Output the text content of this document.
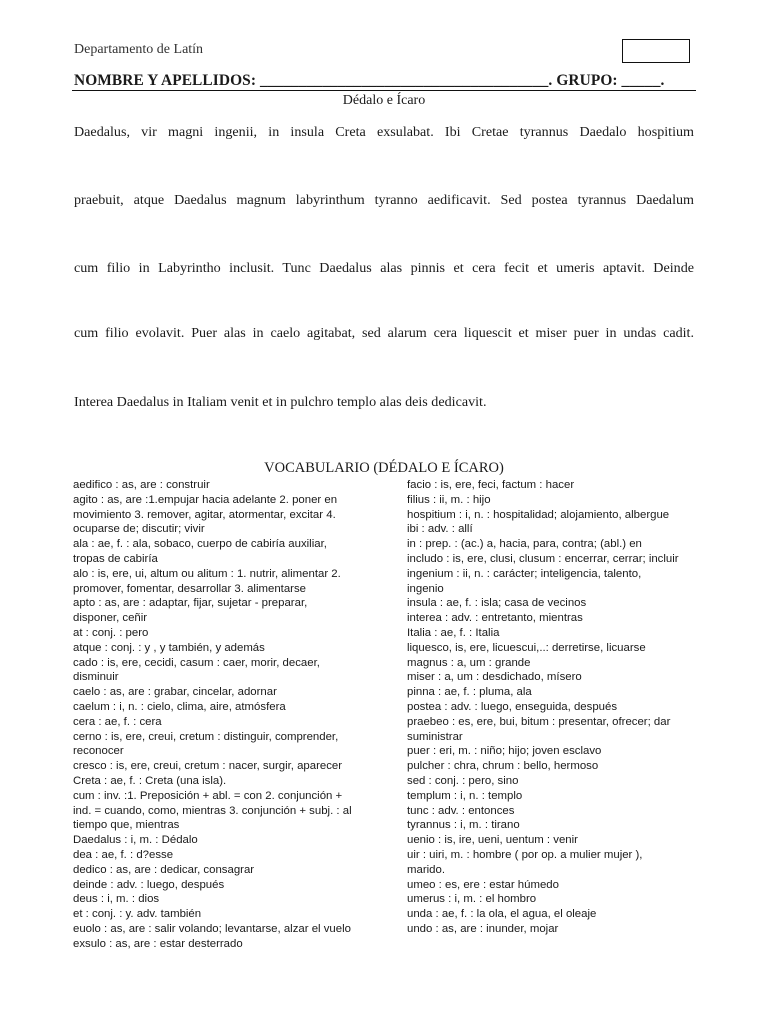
Departamento de Latín
NOMBRE Y APELLIDOS: _____________________________________. GRUPO: _____.
Dédalo e Ícaro
Daedalus, vir magni ingenii, in insula Creta exsulabat. Ibi Cretae tyrannus Daedalo hospitium
praebuit, atque Daedalus magnum labyrinthum tyranno aedificavit. Sed postea tyrannus Daedalum
cum filio in Labyrintho inclusit. Tunc Daedalus alas pinnis et cera fecit et umeris aptavit. Deinde
cum filio evolavit. Puer alas in caelo agitabat, sed alarum cera liquescit et miser puer in undas cadit.
Interea Daedalus in Italiam venit et in pulchro templo alas deis dedicavit.
VOCABULARIO (DÉDALO E ÍCARO)
aedifico : as, are : construir
agito : as, are :1.empujar hacia adelante 2. poner en
movimiento 3. remover, agitar, atormentar, excitar 4.
ocuparse de; discutir; vivir
ala : ae, f. : ala, sobaco, cuerpo de cabiría auxiliar,
tropas de cabiría
alo : is, ere, ui, altum ou alitum : 1. nutrir, alimentar 2.
promover, fomentar, desarrollar 3. alimentarse
apto : as, are : adaptar, fijar, sujetar - preparar,
disponer, ceñir
at : conj. : pero
atque : conj. : y , y también, y además
cado : is, ere, cecidi, casum : caer, morir, decaer,
disminuir
caelo : as, are : grabar, cincelar, adornar
caelum : i, n. : cielo, clima, aire, atmósfera
cera : ae, f. : cera
cerno : is, ere, creui, cretum : distinguir, comprender,
reconocer
cresco : is, ere, creui, cretum : nacer, surgir, aparecer
Creta : ae, f. : Creta (una isla).
cum : inv. :1. Preposición + abl. = con 2. conjunción +
ind. = cuando, como, mientras 3. conjunción + subj. : al
tiempo que, mientras
Daedalus : i, m. : Dédalo
dea : ae, f. : d?esse
dedico : as, are : dedicar, consagrar
deinde : adv. : luego, después
deus : i, m. : dios
et : conj. : y. adv. también
euolo : as, are : salir volando; levantarse, alzar el vuelo
exsulo : as, are : estar desterrado
facio : is, ere, feci, factum : hacer
filius : ii, m. : hijo
hospitium : i, n. : hospitalidad; alojamiento, albergue
ibi : adv. : allí
in : prep. : (ac.) a, hacia, para, contra; (abl.) en
includo : is, ere, clusi, clusum : encerrar, cerrar; incluir
ingenium : ii, n. : carácter; inteligencia, talento,
ingenio
insula : ae, f. : isla; casa de vecinos
interea : adv. : entretanto, mientras
Italia : ae, f. : Italia
liquesco, is, ere, licuescui,..: derretirse, licuarse
magnus : a, um : grande
miser : a, um : desdichado, mísero
pinna : ae, f. : pluma, ala
postea : adv. : luego, enseguida, después
praebeo : es, ere, bui, bitum : presentar, ofrecer; dar
suministrar
puer : eri, m. : niño; hijo; joven esclavo
pulcher : chra, chrum : bello, hermoso
sed : conj. : pero, sino
templum : i, n. : templo
tunc : adv. : entonces
tyrannus : i, m. : tirano
uenio : is, ire, ueni, uentum : venir
uir : uiri, m. : hombre ( por op. a mulier mujer ),
marido.
umeo : es, ere : estar húmedo
umerus : i, m. : el hombro
unda : ae, f. : la ola, el agua, el oleaje
undo : as, are : inunder, mojar
